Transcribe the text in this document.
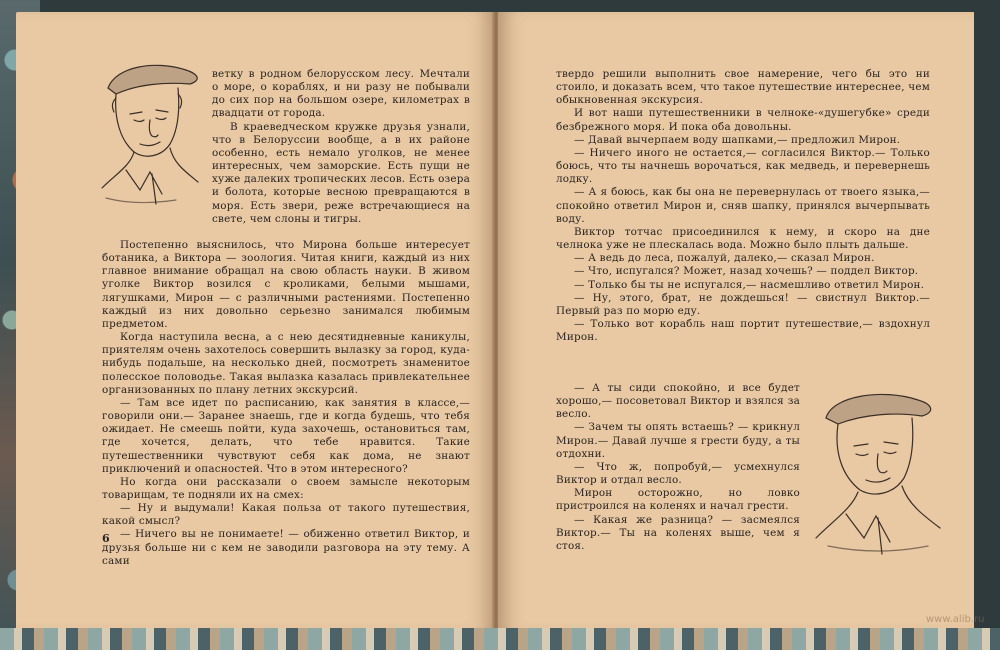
ветку в родном белорусском лесу. Мечтали о море, о кораблях, и ни разу не побывали до сих пор на большом озере, километрах в двадцати от города.

В краеведческом кружке друзья узнали, что в Белоруссии вообще, а в их районе особенно, есть немало уголков, не менее интересных, чем заморские. Есть пущи не хуже далеких тропических лесов. Есть озера и болота, которые весною превращаются в моря. Есть звери, реже встречающиеся на свете, чем слоны и тигры.

Постепенно выяснилось, что Мирона больше интересует ботаника, а Виктора — зоология. Читая книги, каждый из них главное внимание обращал на свою область науки. В живом уголке Виктор возился с кроликами, белыми мышами, лягушками, Мирон — с различными растениями. Постепенно каждый из них довольно серьезно занимался любимым предметом.

Когда наступила весна, а с нею десятидневные каникулы, приятелям очень захотелось совершить вылазку за город, куда-нибудь подальше, на несколько дней, посмотреть знаменитое полесское половодье. Такая вылазка казалась привлекательнее организованных по плану летних экскурсий.

— Там все идет по расписанию, как занятия в классе,— говорили они.— Заранее знаешь, где и когда будешь, что тебя ожидает. Не смеешь пойти, куда захочешь, остановиться там, где хочется, делать, что тебе нравится. Такие путешественники чувствуют себя как дома, не знают приключений и опасностей. Что в этом интересного?

Но когда они рассказали о своем замысле некоторым товарищам, те подняли их на смех:

— Ну и выдумали! Какая польза от такого путешествия, какой смысл?

— Ничего вы не понимаете! — обиженно ответил Виктор, и друзья больше ни с кем не заводили разговора на эту тему. А сами

6

твердо решили выполнить свое намерение, чего бы это ни стоило, и доказать всем, что такое путешествие интереснее, чем обыкновенная экскурсия.

И вот наши путешественники в челноке-«душегубке» среди безбрежного моря. И пока оба довольны.

— Давай вычерпаем воду шапками,— предложил Мирон.

— Ничего иного не остается,— согласился Виктор.— Только боюсь, что ты начнешь ворочаться, как медведь, и перевернешь лодку.

— А я боюсь, как бы она не перевернулась от твоего языка,— спокойно ответил Мирон и, сняв шапку, принялся вычерпывать воду.

Виктор тотчас присоединился к нему, и скоро на дне челнока уже не плескалась вода. Можно было плыть дальше.

— А ведь до леса, пожалуй, далеко,— сказал Мирон.

— Что, испугался? Может, назад хочешь? — поддел Виктор.

— Только бы ты не испугался,— насмешливо ответил Мирон.

— Ну, этого, брат, не дождешься! — свистнул Виктор.— Первый раз по морю еду.

— Только вот корабль наш портит путешествие,— вздохнул Мирон.

— А ты сиди спокойно, и все будет хорошо,— посоветовал Виктор и взялся за весло.

— Зачем ты опять встаешь? — крикнул Мирон.— Давай лучше я грести буду, а ты отдохни.

— Что ж, попробуй,— усмехнулся Виктор и отдал весло.

Мирон осторожно, но ловко пристроился на коленях и начал грести.

— Какая же разница? — засмеялся Виктор.— Ты на коленях выше, чем я стоя.

www.alib.ru
